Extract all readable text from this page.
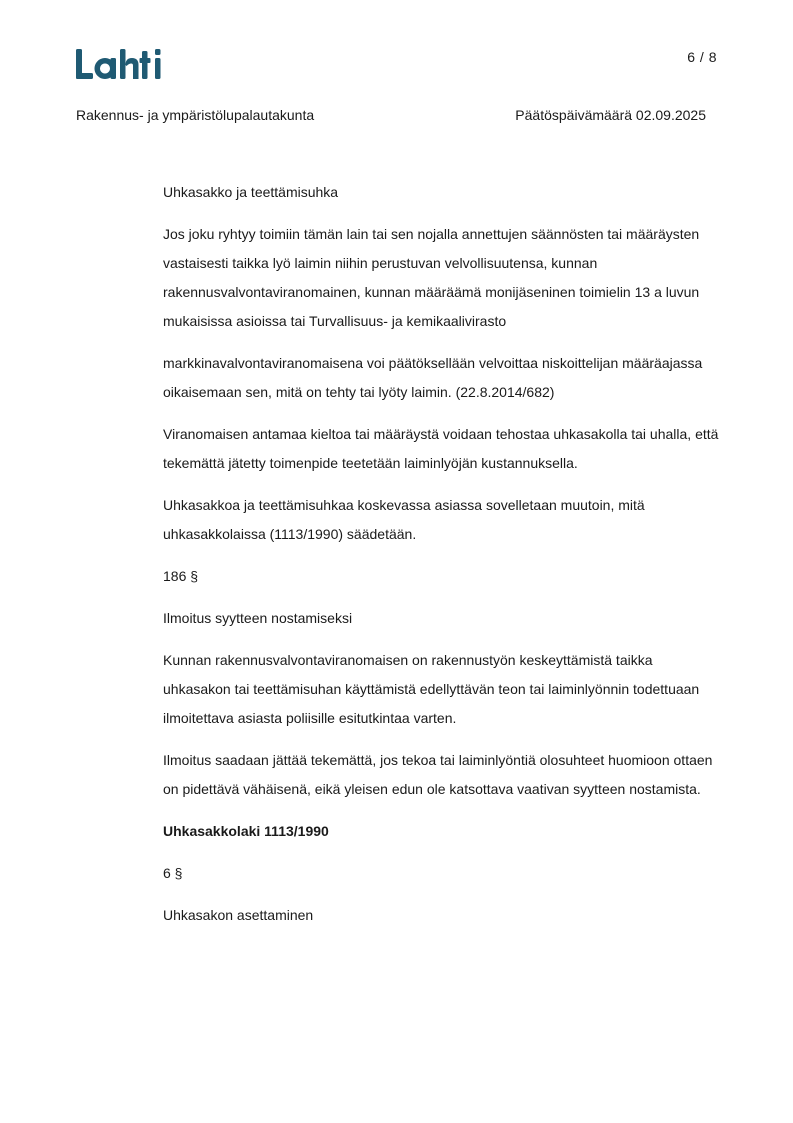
6 / 8
Rakennus- ja ympäristölupalautakunta	Päätöspäivämäärä 02.09.2025

Uhkasakko ja teettämisuhka

Jos joku ryhtyy toimiin tämän lain tai sen nojalla annettujen säännösten tai määräysten vastaisesti taikka lyö laimin niihin perustuvan velvollisuutensa, kunnan rakennusvalvontaviranomainen, kunnan määräämä monijäseninen toimielin 13 a luvun mukaisissa asioissa tai Turvallisuus- ja kemikaalivirasto

markkinavalvontaviranomaisena voi päätöksellään velvoittaa niskoittelijan määräajassa oikaisemaan sen, mitä on tehty tai lyöty laimin. (22.8.2014/682)

Viranomaisen antamaa kieltoa tai määräystä voidaan tehostaa uhkasakolla tai uhalla, että tekemättä jätetty toimenpide teetetään laiminlyöjän kustannuksella.

Uhkasakkoa ja teettämisuhkaa koskevassa asiassa sovelletaan muutoin, mitä uhkasakkolaissa (1113/1990) säädetään.

186 §

Ilmoitus syytteen nostamiseksi

Kunnan rakennusvalvontaviranomaisen on rakennustyön keskeyttämistä taikka uhkasakon tai teettämisuhan käyttämistä edellyttävän teon tai laiminlyönnin todettuaan ilmoitettava asiasta poliisille esitutkintaa varten.

Ilmoitus saadaan jättää tekemättä, jos tekoa tai laiminlyöntiä olosuhteet huomioon ottaen on pidettävä vähäisenä, eikä yleisen edun ole katsottava vaativan syytteen nostamista.

Uhkasakkolaki 1113/1990

6 §

Uhkasakon asettaminen
